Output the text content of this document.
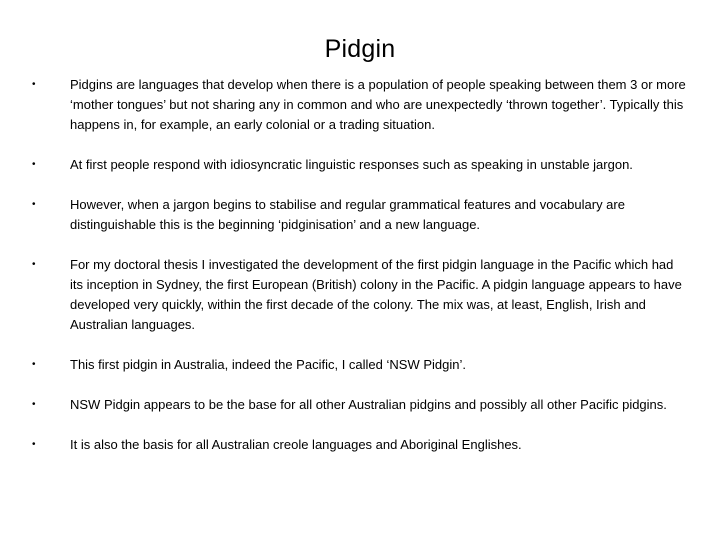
Pidgin
•	Pidgins are languages that develop when there is a population of people speaking between them 3 or more ‘mother tongues’ but not sharing any in common and who are unexpectedly ‘thrown together’. Typically this happens in, for example, an early colonial or a trading situation.
•	At first people respond with idiosyncratic linguistic responses such as speaking in unstable jargon.
•	However, when a jargon begins to stabilise and regular grammatical features and vocabulary are distinguishable this is the beginning ‘pidginisation’ and a new language.
•	For my doctoral thesis I investigated the development of the first pidgin language in the Pacific which had its inception in Sydney, the first European (British) colony in the Pacific. A pidgin language appears to have developed very quickly, within the first decade of the colony. The mix was, at least, English, Irish and Australian languages.
•	This first pidgin in Australia, indeed the Pacific, I called ‘NSW Pidgin’.
•	NSW Pidgin appears to be the base for all other Australian pidgins and possibly all other Pacific pidgins.
•	It is also the basis for all Australian creole languages and Aboriginal Englishes.
